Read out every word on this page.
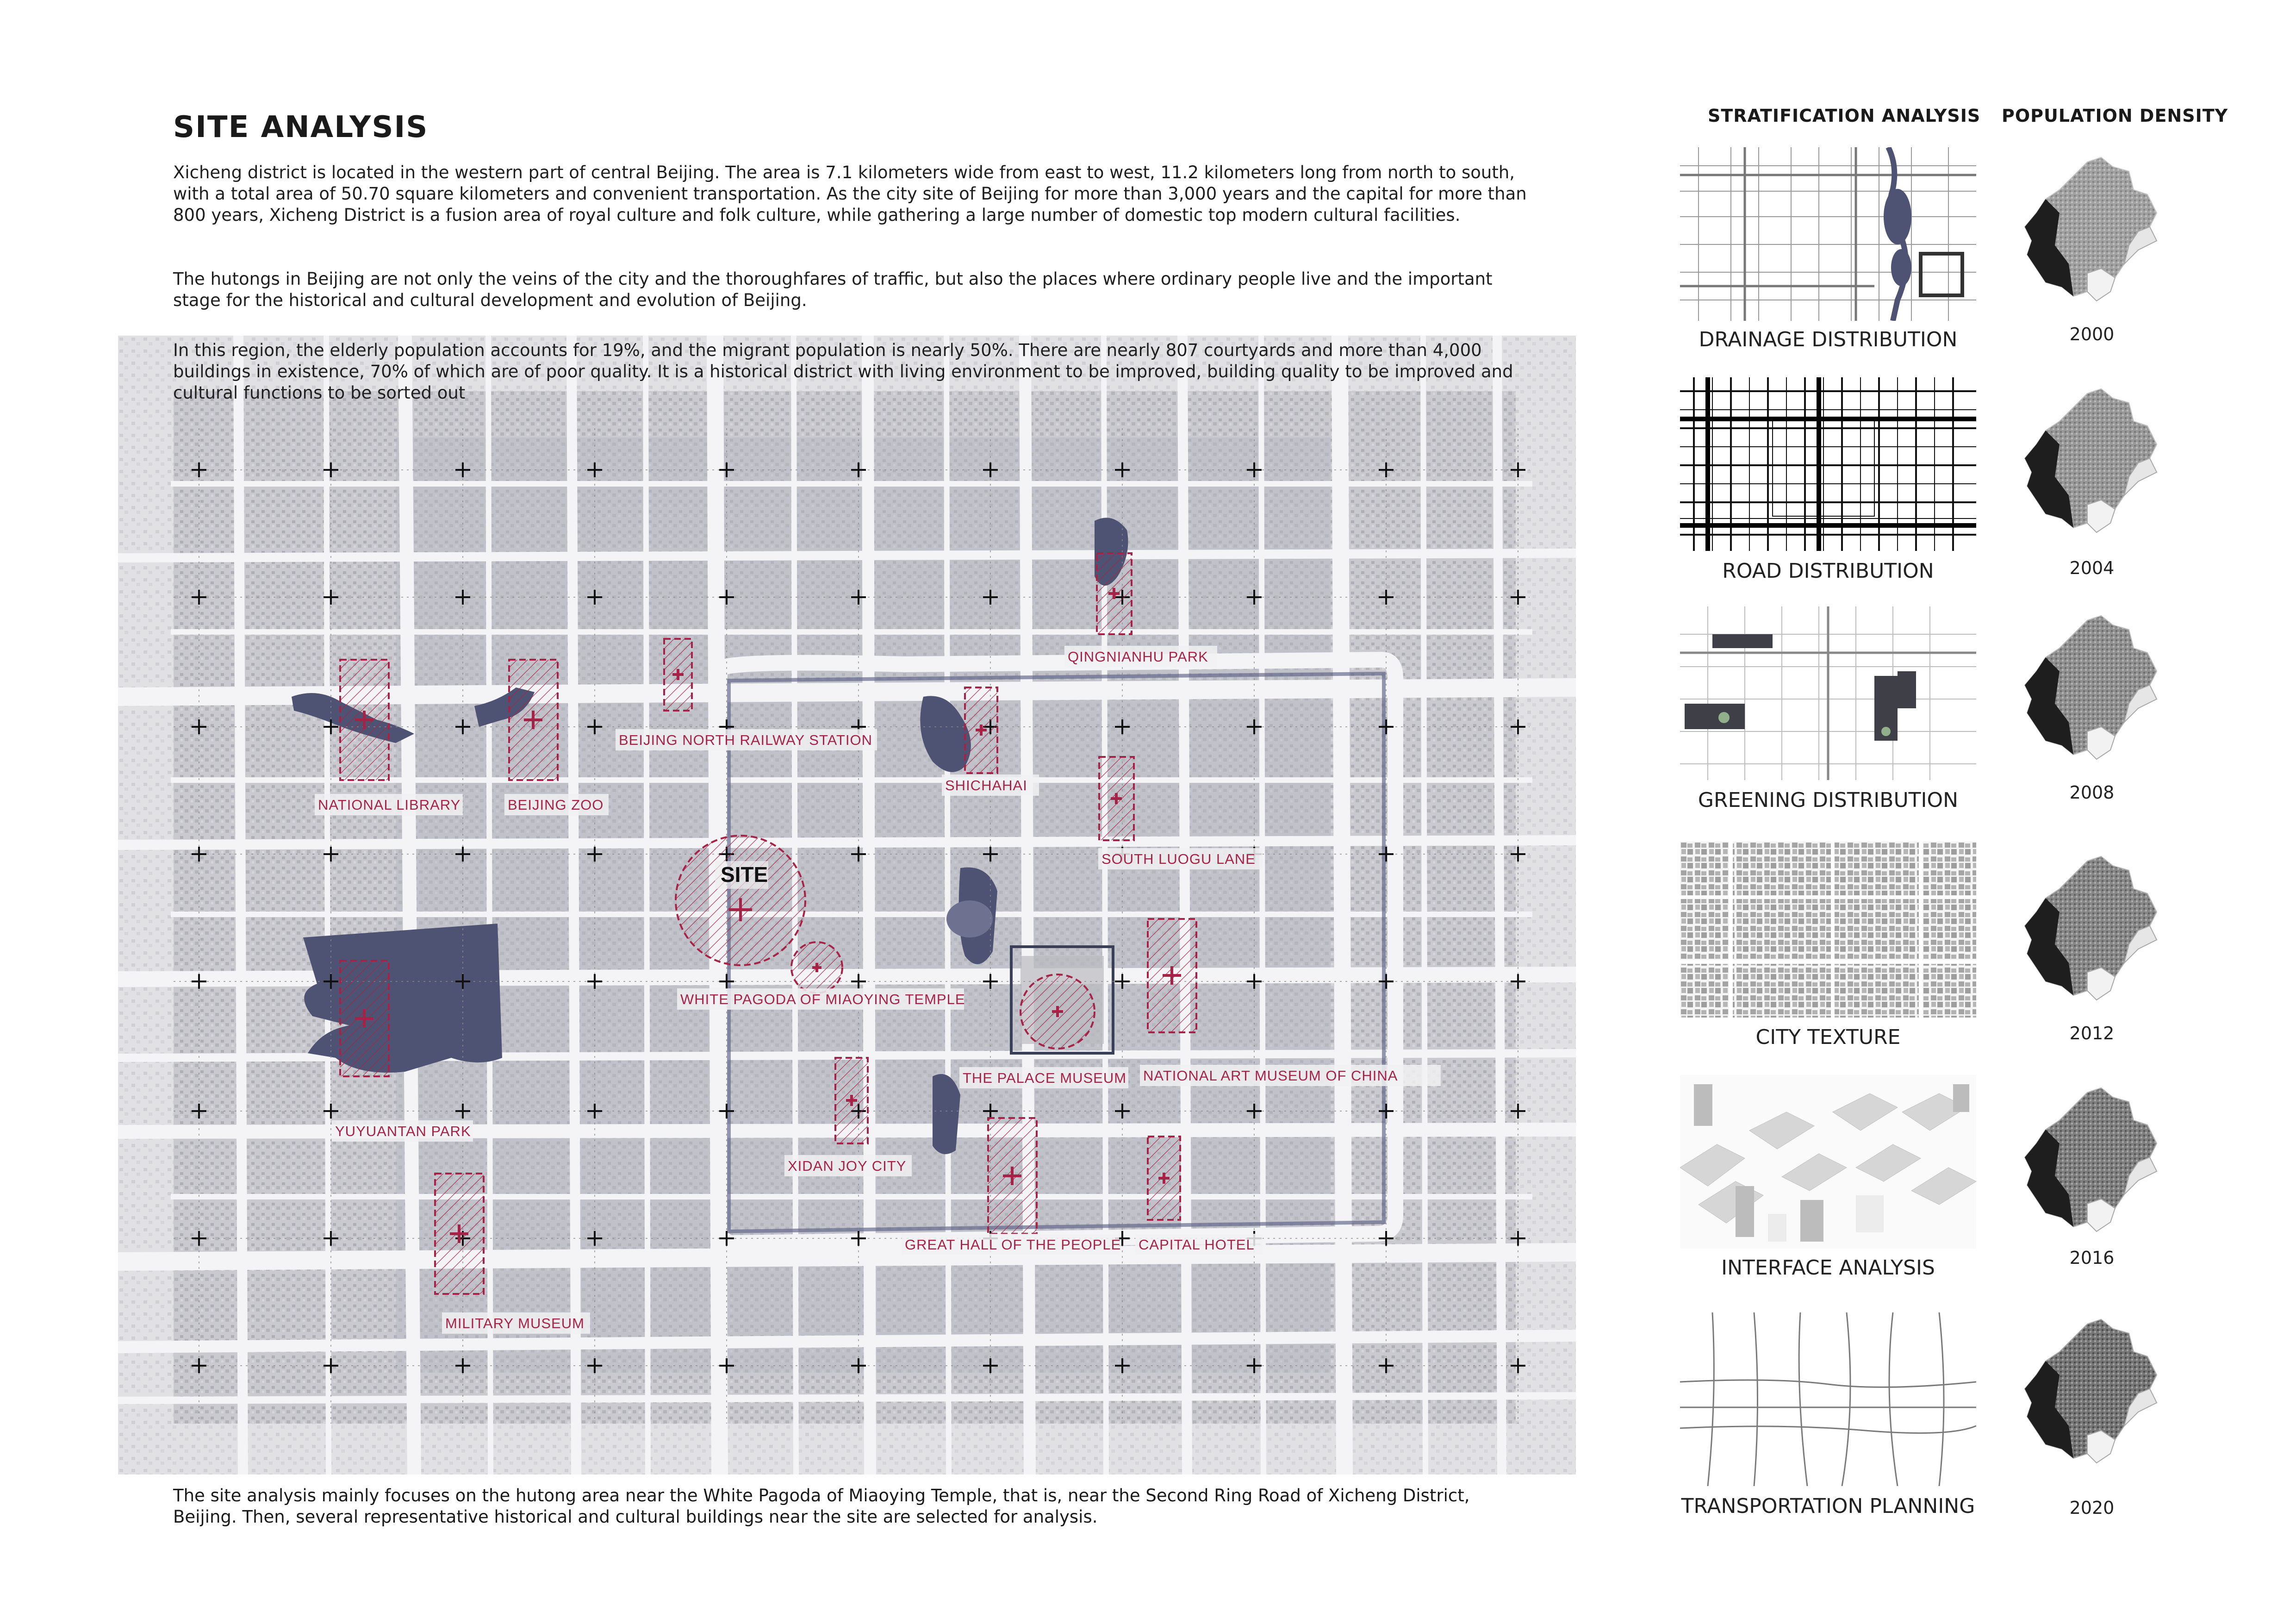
SITE ANALYSIS
Xicheng district is located in the western part of central Beijing. The area is 7.1 kilometers wide from east to west, 11.2 kilometers long from north to south, with a total area of 50.70 square kilometers and convenient transportation. As the city site of Beijing for more than 3,000 years and the capital for more than 800 years, Xicheng District is a fusion area of royal culture and folk culture, while gathering a large number of domestic top modern cultural facilities.
The hutongs in Beijing are not only the veins of the city and the thoroughfares of traffic, but also the places where ordinary people live and the important stage for the historical and cultural development and evolution of Beijing.
SITE
NATIONAL LIBRARY	BEIJING ZOO
BEIJING NORTH RAILWAY STATION
QINGNIANHU PARK
SHICHAHAI
SOUTH LUOGU LANE
WHITE PAGODA OF MIAOYING TEMPLE
THE PALACE MUSEUM NATIONAL ART MUSEUM OF CHINA
YUYUANTAN PARK
XIDAN JOY CITY
GREAT HALL OF THE PEOPLE CAPITAL HOTEL
MILITARY MUSEUM
In this region, the elderly population accounts for 19%, and the migrant population is nearly 50%. There are nearly 807 courtyards and more than 4,000 buildings in existence, 70% of which are of poor quality. It is a historical district with living environment to be improved, building quality to be improved and cultural functions to be sorted out
The site analysis mainly focuses on the hutong area near the White Pagoda of Miaoying Temple, that is, near the Second Ring Road of Xicheng District, Beijing. Then, several representative historical and cultural buildings near the site are selected for analysis.
STRATIFICATION ANALYSIS POPULATION DENSITY
DRAINAGE DISTRIBUTION
ROAD DISTRIBUTION
GREENING DISTRIBUTION
CITY TEXTURE
INTERFACE ANALYSIS
TRANSPORTATION PLANNING
2000
2004
2008
2012
2016
2020
